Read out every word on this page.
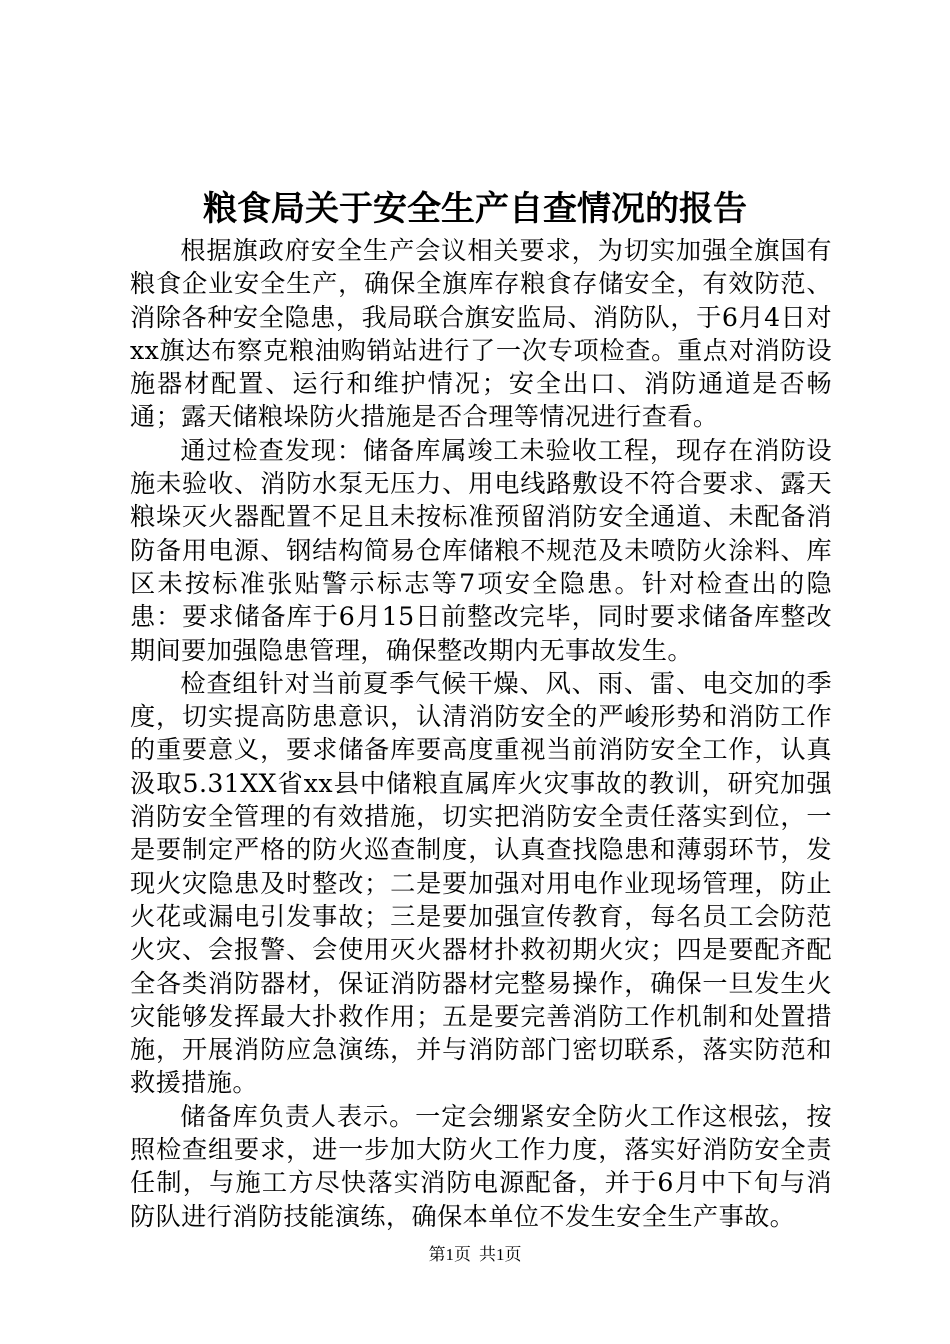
粮食局关于安全生产自查情况的报告

根据旗政府安全生产会议相关要求，为切实加强全旗国有粮食企业安全生产，确保全旗库存粮食存储安全，有效防范、消除各种安全隐患，我局联合旗安监局、消防队，于6月4日对xx旗达布察克粮油购销站进行了一次专项检查。重点对消防设施器材配置、运行和维护情况；安全出口、消防通道是否畅通；露天储粮垛防火措施是否合理等情况进行查看。

通过检查发现：储备库属竣工未验收工程，现存在消防设施未验收、消防水泵无压力、用电线路敷设不符合要求、露天粮垛灭火器配置不足且未按标准预留消防安全通道、未配备消防备用电源、钢结构简易仓库储粮不规范及未喷防火涂料、库区未按标准张贴警示标志等7项安全隐患。针对检查出的隐患：要求储备库于6月15日前整改完毕，同时要求储备库整改期间要加强隐患管理，确保整改期内无事故发生。

检查组针对当前夏季气候干燥、风、雨、雷、电交加的季度，切实提高防患意识，认清消防安全的严峻形势和消防工作的重要意义，要求储备库要高度重视当前消防安全工作，认真汲取5.31XX省xx县中储粮直属库火灾事故的教训，研究加强消防安全管理的有效措施，切实把消防安全责任落实到位，一是要制定严格的防火巡查制度，认真查找隐患和薄弱环节，发现火灾隐患及时整改；二是要加强对用电作业现场管理，防止火花或漏电引发事故；三是要加强宣传教育，每名员工会防范火灾、会报警、会使用灭火器材扑救初期火灾；四是要配齐配全各类消防器材，保证消防器材完整易操作，确保一旦发生火灾能够发挥最大扑救作用；五是要完善消防工作机制和处置措施，开展消防应急演练，并与消防部门密切联系，落实防范和救援措施。

储备库负责人表示。一定会绷紧安全防火工作这根弦，按照检查组要求，进一步加大防火工作力度，落实好消防安全责任制，与施工方尽快落实消防电源配备，并于6月中下旬与消防队进行消防技能演练，确保本单位不发生安全生产事故。

第1页 共1页
